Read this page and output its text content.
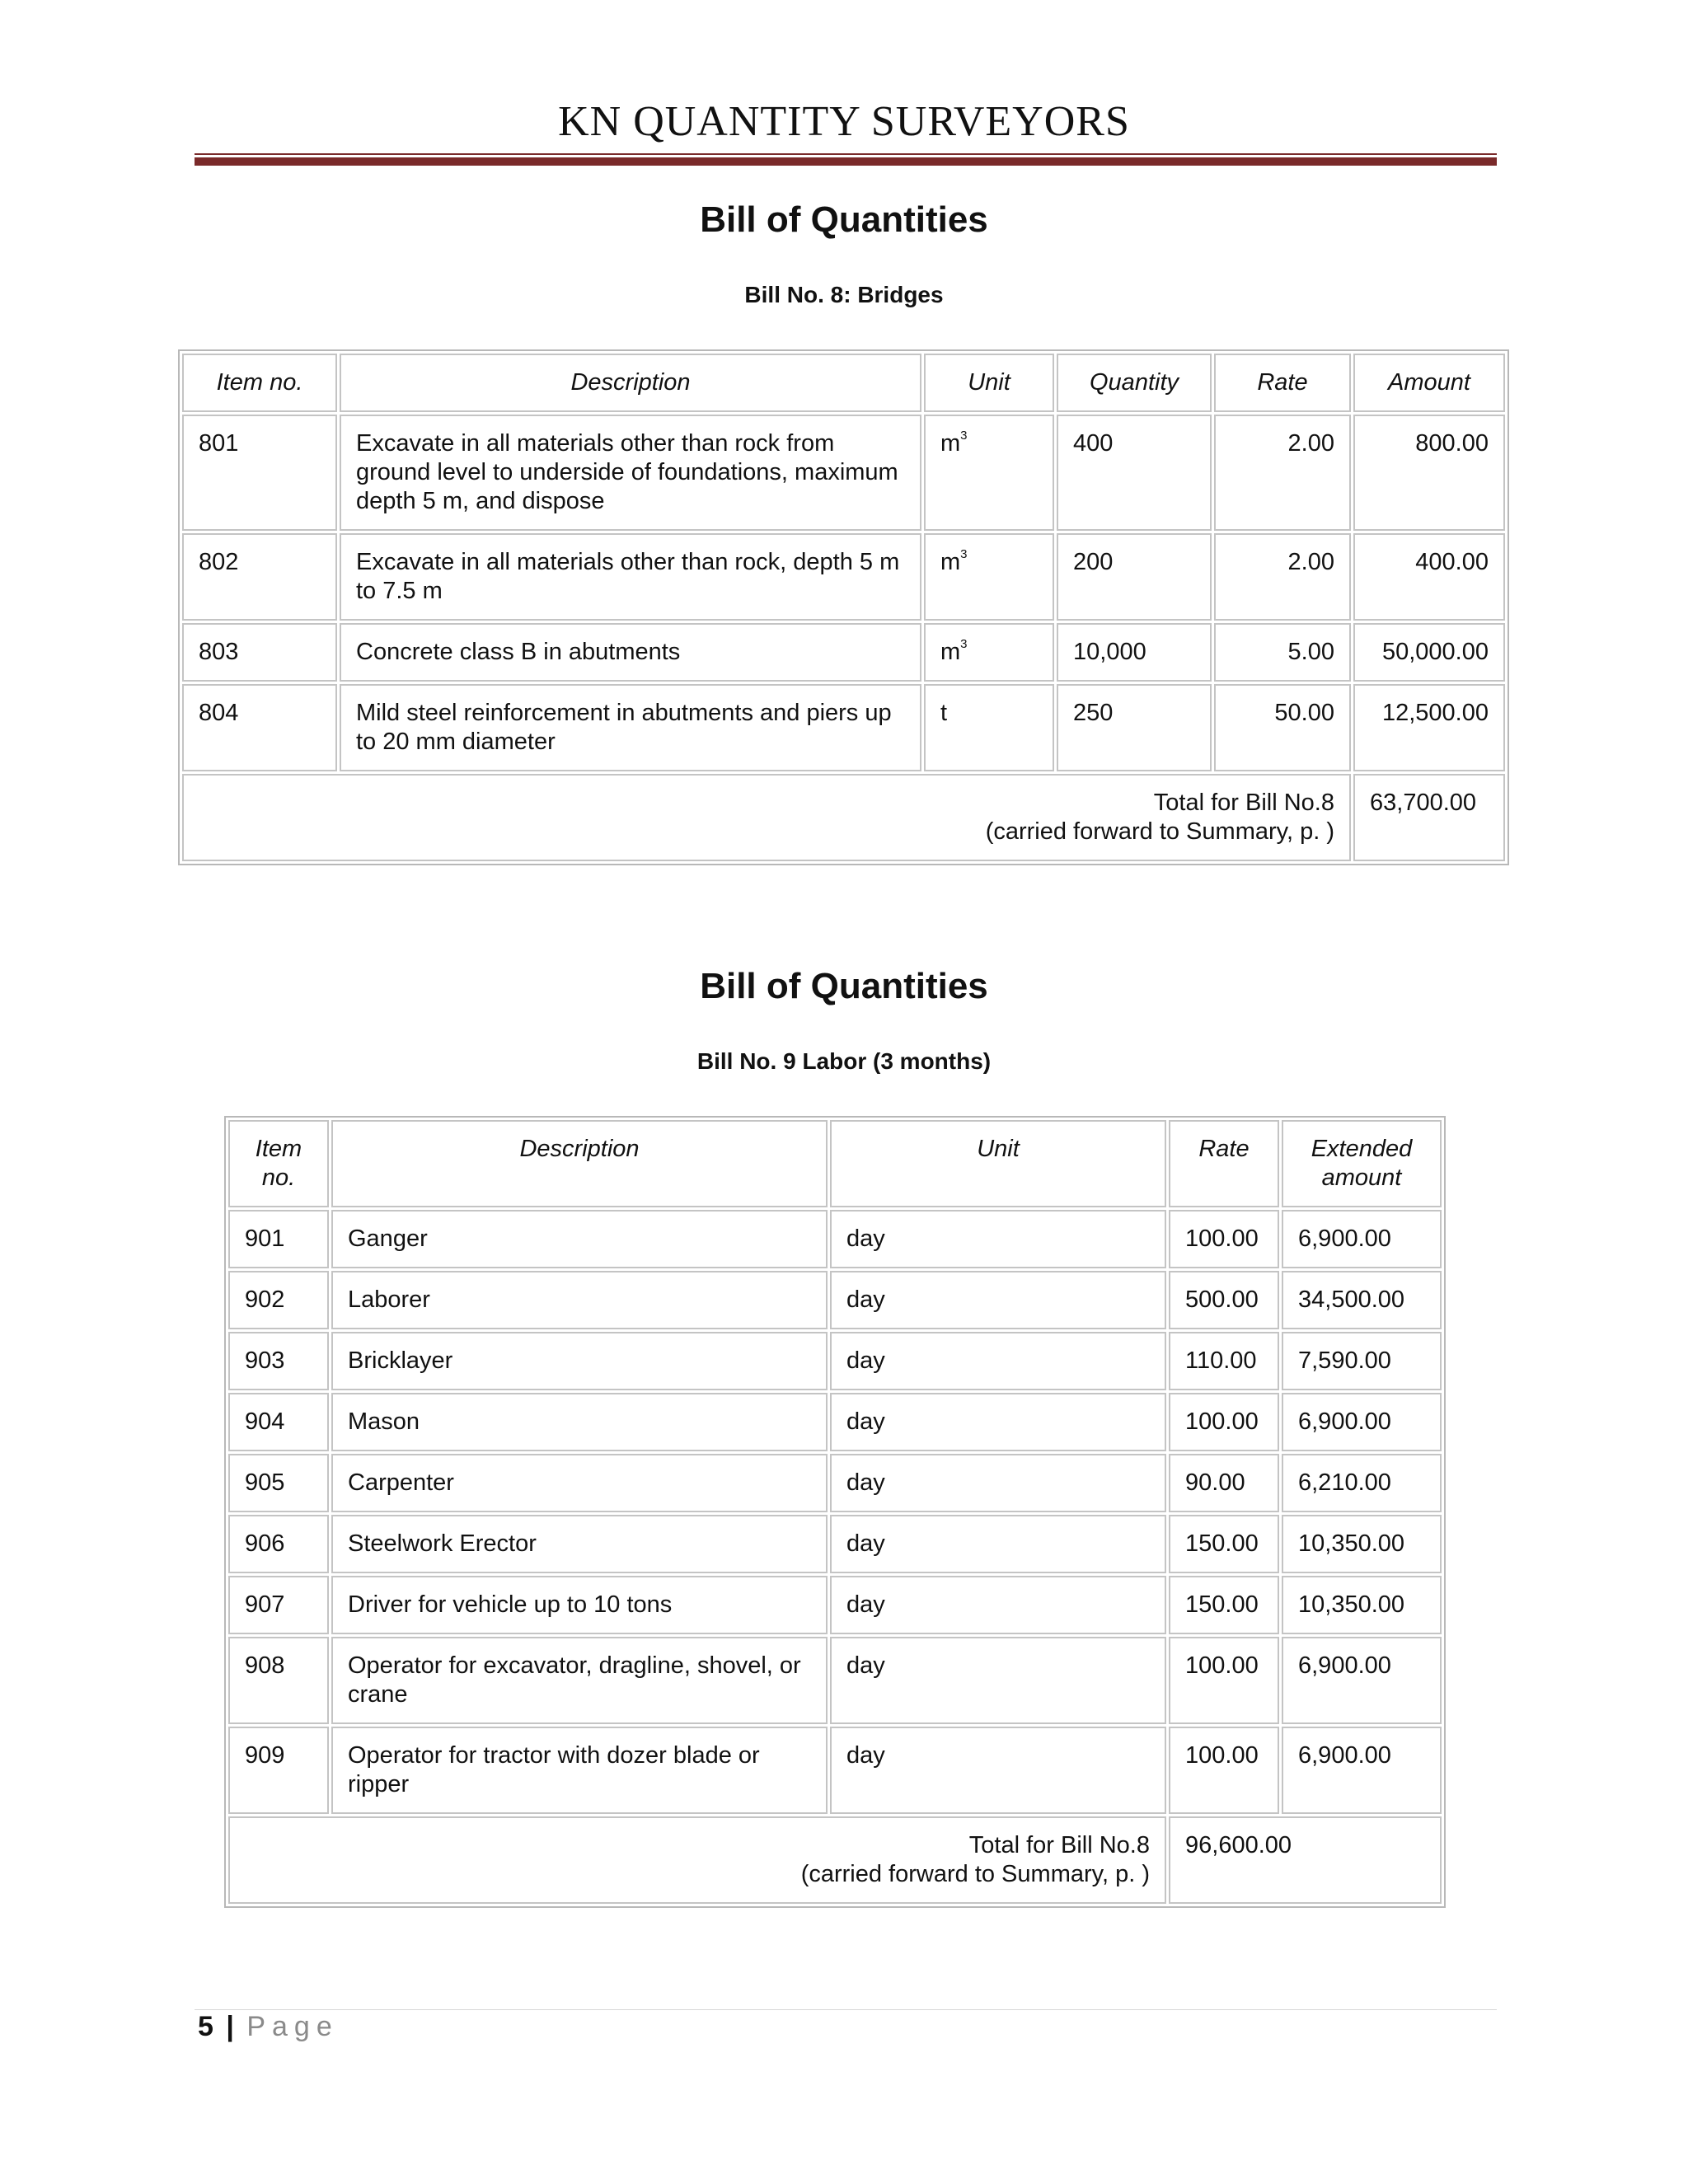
KN QUANTITY SURVEYORS
Bill of Quantities
Bill No. 8: Bridges
Item no.	Description	Unit	Quantity	Rate	Amount
801	Excavate in all materials other than rock from ground level to underside of foundations, maximum depth 5 m, and dispose	$m^3$	400	2.00	800.00
802	Excavate in all materials other than rock, depth 5 m to 7.5 m	$m^3$	200	2.00	400.00
803	Concrete class B in abutments	$m^3$	10,000	5.00	50,000.00
804	Mild steel reinforcement in abutments and piers up to 20 mm diameter	t	250	50.00	12,500.00

Total for Bill No.8
(carried forward to Summary, p. )					63,700.00
Bill of Quantities
Bill No. 9 Labor (3 months)
Item no.	Description	Unit	Rate	Extended amount
901	Ganger	day	100.00	6,900.00
902	Laborer	day	500.00	34,500.00
903	Bricklayer	day	110.00	7,590.00
904	Mason	day	100.00	6,900.00
905	Carpenter	day	90.00	6,210.00
906	Steelwork Erector	day	150.00	10,350.00
907	Driver for vehicle up to 10 tons	day	150.00	10,350.00
908	Operator for excavator, dragline, shovel, or crane	day	100.00	6,900.00
909	Operator for tractor with dozer blade or ripper	day	100.00	6,900.00

Total for Bill No.8
(carried forward to Summary, p. )			96,600.00	
5 | Page
